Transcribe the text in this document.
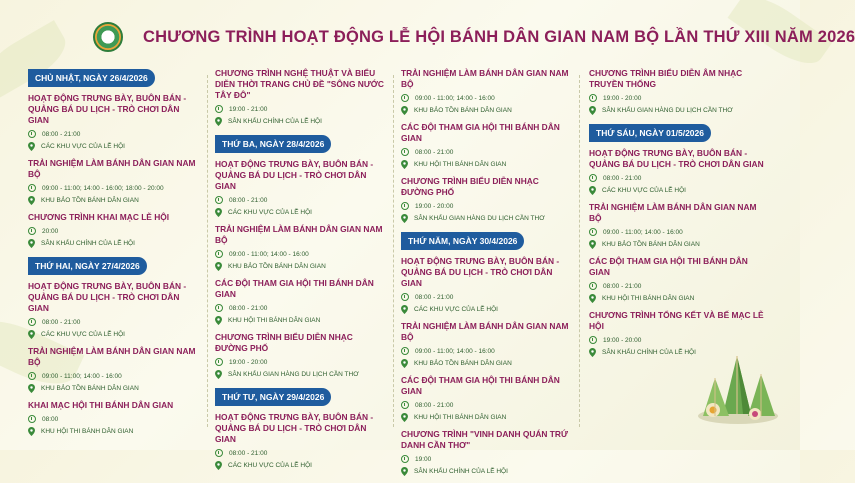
CHƯƠNG TRÌNH HOẠT ĐỘNG LỄ HỘI BÁNH DÂN GIAN NAM BỘ LẦN THỨ XIII NĂM 2026
CHỦ NHẬT, NGÀY 26/4/2026

HOẠT ĐỘNG TRƯNG BÀY, BUÔN BÁN - QUẢNG BÁ DU LỊCH - TRÒ CHƠI DÂN GIAN
08:00 - 21:00
CÁC KHU VỰC CỦA LỄ HỘI
TRẢI NGHIỆM LÀM BÁNH DÂN GIAN NAM BỘ
09:00 - 11:00; 14:00 - 16:00; 18:00 - 20:00
KHU BẢO TỒN BÁNH DÂN GIAN
CHƯƠNG TRÌNH KHAI MẠC LỄ HỘI
20:00
SÂN KHẤU CHÍNH CỦA LỄ HỘI
THỨ HAI, NGÀY 27/4/2026

HOẠT ĐỘNG TRƯNG BÀY, BUÔN BÁN - QUẢNG BÁ DU LỊCH - TRÒ CHƠI DÂN GIAN
08:00 - 21:00
CÁC KHU VỰC CỦA LỄ HỘI
TRẢI NGHIỆM LÀM BÁNH DÂN GIAN NAM BỘ
09:00 - 11:00; 14:00 - 16:00
KHU BẢO TỒN BÁNH DÂN GIAN
KHAI MẠC HỘI THI BÁNH DÂN GIAN
08:00
KHU HỘI THI BÁNH DÂN GIAN
CHƯƠNG TRÌNH NGHỆ THUẬT VÀ BIỂU DIỄN THỜI TRANG CHỦ ĐỀ "SÔNG NƯỚC TÂY ĐÔ"
19:00 - 21:00
SÂN KHẤU CHÍNH CỦA LỄ HỘI
THỨ BA, NGÀY 28/4/2026

HOẠT ĐỘNG TRƯNG BÀY, BUÔN BÁN - QUẢNG BÁ DU LỊCH - TRÒ CHƠI DÂN GIAN
08:00 - 21:00
CÁC KHU VỰC CỦA LỄ HỘI
TRẢI NGHIỆM LÀM BÁNH DÂN GIAN NAM BỘ
09:00 - 11:00; 14:00 - 16:00
KHU BẢO TỒN BÁNH DÂN GIAN
CÁC ĐỘI THAM GIA HỘI THI BÁNH DÂN GIAN
08:00 - 21:00
KHU HỘI THI BÁNH DÂN GIAN
CHƯƠNG TRÌNH BIỂU DIỄN NHẠC ĐƯỜNG PHỐ
19:00 - 20:00
SÂN KHẤU GIAN HÀNG DU LỊCH CẦN THƠ
THỨ TƯ, NGÀY 29/4/2026

HOẠT ĐỘNG TRƯNG BÀY, BUÔN BÁN - QUẢNG BÁ DU LỊCH - TRÒ CHƠI DÂN GIAN
08:00 - 21:00
CÁC KHU VỰC CỦA LỄ HỘI
TRẢI NGHIỆM LÀM BÁNH DÂN GIAN NAM BỘ
09:00 - 11:00; 14:00 - 16:00
KHU BẢO TỒN BÁNH DÂN GIAN
CÁC ĐỘI THAM GIA HỘI THI BÁNH DÂN GIAN
08:00 - 21:00
KHU HỘI THI BÁNH DÂN GIAN
CHƯƠNG TRÌNH BIỂU DIỄN NHẠC ĐƯỜNG PHỐ
19:00 - 20:00
SÂN KHẤU GIAN HÀNG DU LỊCH CẦN THƠ
THỨ NĂM, NGÀY 30/4/2026

HOẠT ĐỘNG TRƯNG BÀY, BUÔN BÁN - QUẢNG BÁ DU LỊCH - TRÒ CHƠI DÂN GIAN
08:00 - 21:00
CÁC KHU VỰC CỦA LỄ HỘI
TRẢI NGHIỆM LÀM BÁNH DÂN GIAN NAM BỘ
09:00 - 11:00; 14:00 - 16:00
KHU BẢO TỒN BÁNH DÂN GIAN
CÁC ĐỘI THAM GIA HỘI THI BÁNH DÂN GIAN
08:00 - 21:00
KHU HỘI THI BÁNH DÂN GIAN
CHƯƠNG TRÌNH "VINH DANH QUÁN TRỨ DANH CẦN THƠ"
19:00
SÂN KHẤU CHÍNH CỦA LỄ HỘI
CHƯƠNG TRÌNH BIỂU DIỄN ÂM NHẠC TRUYỀN THỐNG
19:00 - 20:00
SÂN KHẤU GIAN HÀNG DU LỊCH CẦN THƠ
THỨ SÁU, NGÀY 01/5/2026

HOẠT ĐỘNG TRƯNG BÀY, BUÔN BÁN - QUẢNG BÁ DU LỊCH - TRÒ CHƠI DÂN GIAN
08:00 - 21:00
CÁC KHU VỰC CỦA LỄ HỘI
TRẢI NGHIỆM LÀM BÁNH DÂN GIAN NAM BỘ
09:00 - 11:00; 14:00 - 16:00
KHU BẢO TỒN BÁNH DÂN GIAN
CÁC ĐỘI THAM GIA HỘI THI BÁNH DÂN GIAN
08:00 - 21:00
KHU HỘI THI BÁNH DÂN GIAN
CHƯƠNG TRÌNH TỔNG KẾT VÀ BẾ MẠC LỄ HỘI
19:00 - 20:00
SÂN KHẤU CHÍNH CỦA LỄ HỘI
